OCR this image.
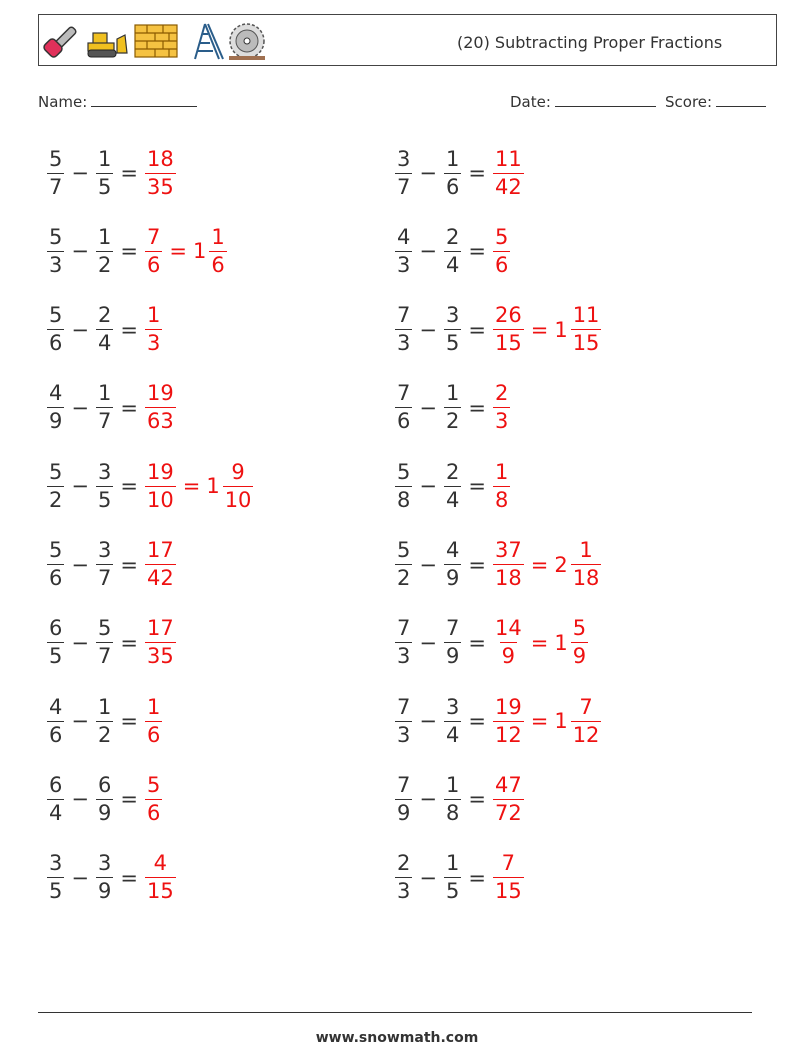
(20) Subtracting Proper Fractions
Name:	Date:	Score:
$\frac{5}{7} - \frac{1}{5} = \frac{18}{35}$	$\frac{3}{7} - \frac{1}{6} = \frac{11}{42}$
$\frac{5}{3} - \frac{1}{2} = \frac{7}{6} = 1 \frac{1}{6}$	$\frac{4}{3} - \frac{2}{4} = \frac{5}{6}$
$\frac{5}{6} - \frac{2}{4} = \frac{1}{3}$	$\frac{7}{3} - \frac{3}{5} = \frac{26}{15} = 1 \frac{11}{15}$
$\frac{4}{9} - \frac{1}{7} = \frac{19}{63}$	$\frac{7}{6} - \frac{1}{2} = \frac{2}{3}$
$\frac{5}{2} - \frac{3}{5} = \frac{19}{10} = 1 \frac{9}{10}$	$\frac{5}{8} - \frac{2}{4} = \frac{1}{8}$
$\frac{5}{6} - \frac{3}{7} = \frac{17}{42}$	$\frac{5}{2} - \frac{4}{9} = \frac{37}{18} = 2 \frac{1}{18}$
$\frac{6}{5} - \frac{5}{7} = \frac{17}{35}$	$\frac{7}{3} - \frac{7}{9} = \frac{14}{9} = 1 \frac{5}{9}$
$\frac{4}{6} - \frac{1}{2} = \frac{1}{6}$	$\frac{7}{3} - \frac{3}{4} = \frac{19}{12} = 1 \frac{7}{12}$
$\frac{6}{4} - \frac{6}{9} = \frac{5}{6}$	$\frac{7}{9} - \frac{1}{8} = \frac{47}{72}$
$\frac{3}{5} - \frac{3}{9} = \frac{4}{15}$	$\frac{2}{3} - \frac{1}{5} = \frac{7}{15}$
www.snowmath.com
